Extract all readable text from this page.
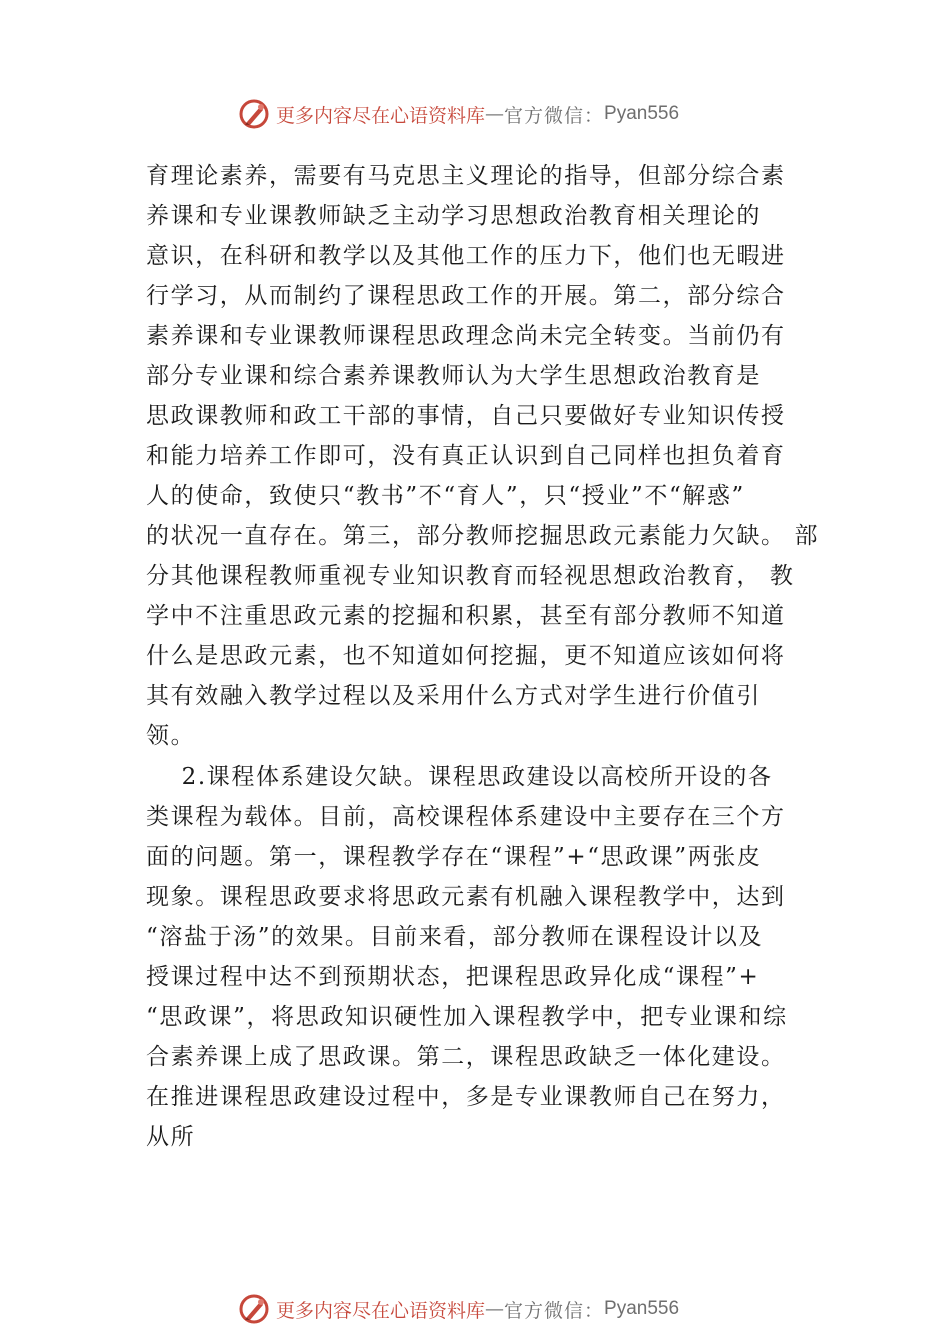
更多内容尽在心语资料库 — 官方微信： Pyan556
育理论素养，需要有马克思主义理论的指导，但部分综合素
养课和专业课教师缺乏主动学习思想政治教育相关理论的
意识，在科研和教学以及其他工作的压力下，他们也无暇进
行学习，从而制约了课程思政工作的开展。第二，部分综合
素养课和专业课教师课程思政理念尚未完全转变。当前仍有
部分专业课和综合素养课教师认为大学生思想政治教育是
思政课教师和政工干部的事情，自己只要做好专业知识传授
和能力培养工作即可，没有真正认识到自己同样也担负着育
人的使命，致使只“教书”不“育人”，只“授业”不“解惑”
的状况一直存在。第三，部分教师挖掘思政元素能力欠缺。 部
分其他课程教师重视专业知识教育而轻视思想政治教育， 教
学中不注重思政元素的挖掘和积累，甚至有部分教师不知道
什么是思政元素，也不知道如何挖掘，更不知道应该如何将
其有效融入教学过程以及采用什么方式对学生进行价值引
领。
2.课程体系建设欠缺。课程思政建设以高校所开设的各
类课程为载体。目前，高校课程体系建设中主要存在三个方
面的问题。第一，课程教学存在“课程”+“思政课”两张皮
现象。课程思政要求将思政元素有机融入课程教学中，达到
“溶盐于汤”的效果。目前来看，部分教师在课程设计以及
授课过程中达不到预期状态，把课程思政异化成“课程”+
“思政课”，将思政知识硬性加入课程教学中，把专业课和综
合素养课上成了思政课。第二，课程思政缺乏一体化建设。
在推进课程思政建设过程中，多是专业课教师自己在努力，
从所
更多内容尽在心语资料库 — 官方微信： Pyan556
